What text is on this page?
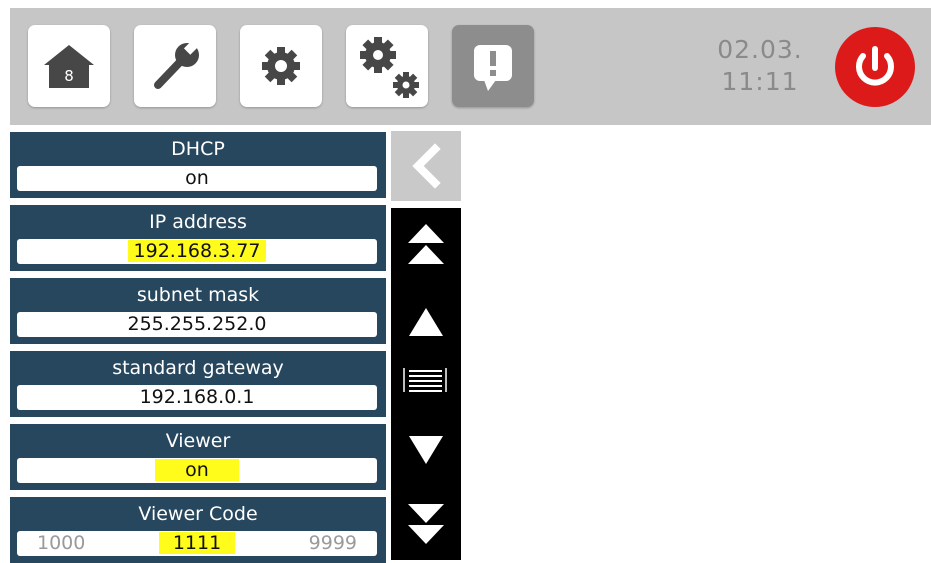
8
02.03.
11:11
DHCP
on
IP address
192.168.3.77
subnet mask
255.255.252.0
standard gateway
192.168.0.1
Viewer
on
Viewer Code
1000	1111	9999
